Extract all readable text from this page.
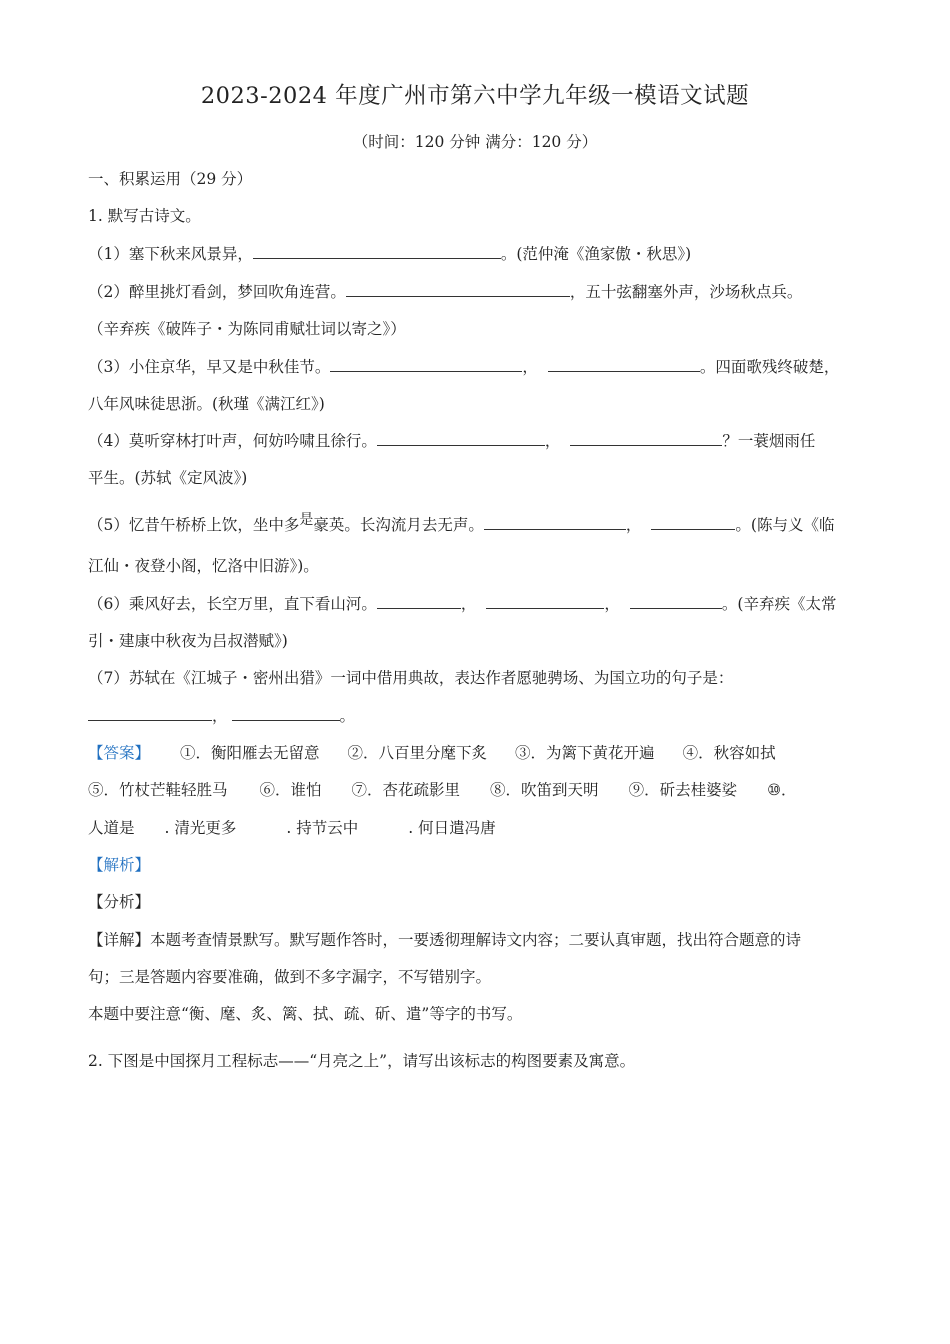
2023-2024 年度广州市第六中学九年级一模语文试题
（时间：120 分钟 满分：120 分）
一、积累运用（29 分）
1. 默写古诗文。
（1）塞下秋来风景异，	。(范仲淹《渔家傲・秋思》)
（2）醉里挑灯看剑，梦回吹角连营。	，五十弦翻塞外声，沙场秋点兵。
（辛弃疾《破阵子・为陈同甫赋壮词以寄之》）
（3）小住京华，早又是中秋佳节。	，	。四面歌残终破楚，
八年风味徒思浙。(秋瑾《满江红》)
（4）莫听穿林打叶声，何妨吟啸且徐行。	，	？一蓑烟雨任
平生。(苏轼《定风波》)
（5）忆昔午桥桥上饮，坐中多是豪英。长沟流月去无声。	，	。(陈与义《临
江仙・夜登小阁，忆洛中旧游》)。
（6）乘风好去，长空万里，直下看山河。	，	，	。(辛弃疾《太常
引・建康中秋夜为吕叔潜赋》)
（7）苏轼在《江城子・密州出猎》一词中借用典故，表达作者愿驰骋场、为国立功的句子是：
，	。
【答案】 ①．衡阳雁去无留意 ②．八百里分麾下炙 ③．为篱下黄花开遍 ④．秋容如拭
⑤．竹杖芒鞋轻胜马 ⑥．谁怕 ⑦．杏花疏影里 ⑧．吹笛到天明 ⑨．斫去桂婆娑 ⑩．
人道是 . 清光更多	. 持节云中	. 何日遣冯唐
【解析】
【分析】
【详解】本题考查情景默写。默写题作答时，一要透彻理解诗文内容；二要认真审题，找出符合题意的诗
句；三是答题内容要准确，做到不多字漏字，不写错别字。
本题中要注意“衡、麾、炙、篱、拭、疏、斫、遣”等字的书写。
2. 下图是中国探月工程标志——“月亮之上”，请写出该标志的构图要素及寓意。
